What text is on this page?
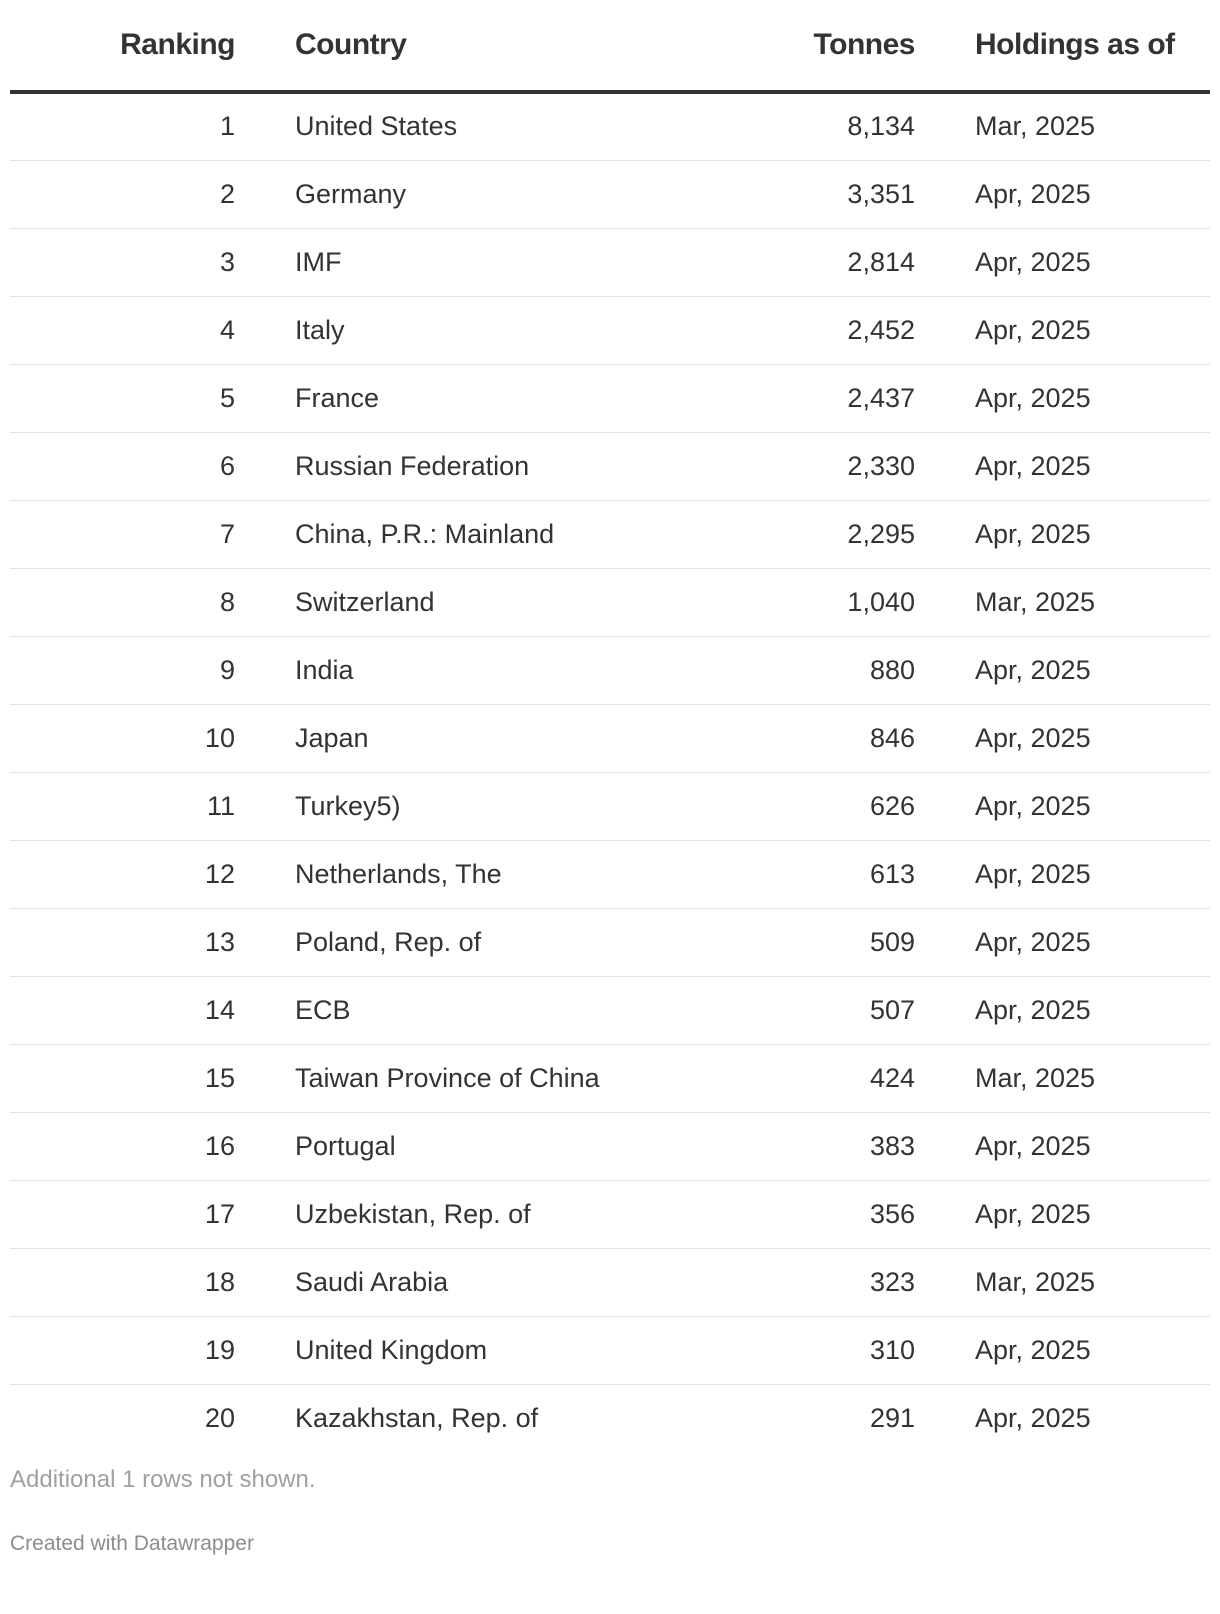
Ranking		Country	Tonnes		Holdings as of
1		United States	8,134		Mar, 2025
2		Germany	3,351		Apr, 2025
3		IMF	2,814		Apr, 2025
4		Italy	2,452		Apr, 2025
5		France	2,437		Apr, 2025
6		Russian Federation	2,330		Apr, 2025
7		China, P.R.: Mainland	2,295		Apr, 2025
8		Switzerland	1,040		Mar, 2025
9		India	880		Apr, 2025
10		Japan	846		Apr, 2025
11		Turkey5)	626		Apr, 2025
12		Netherlands, The	613		Apr, 2025
13		Poland, Rep. of	509		Apr, 2025
14		ECB	507		Apr, 2025
15		Taiwan Province of China	424		Mar, 2025
16		Portugal	383		Apr, 2025
17		Uzbekistan, Rep. of	356		Apr, 2025
18		Saudi Arabia	323		Mar, 2025
19		United Kingdom	310		Apr, 2025
20		Kazakhstan, Rep. of	291		Apr, 2025
Additional 1 rows not shown.
Created with Datawrapper
